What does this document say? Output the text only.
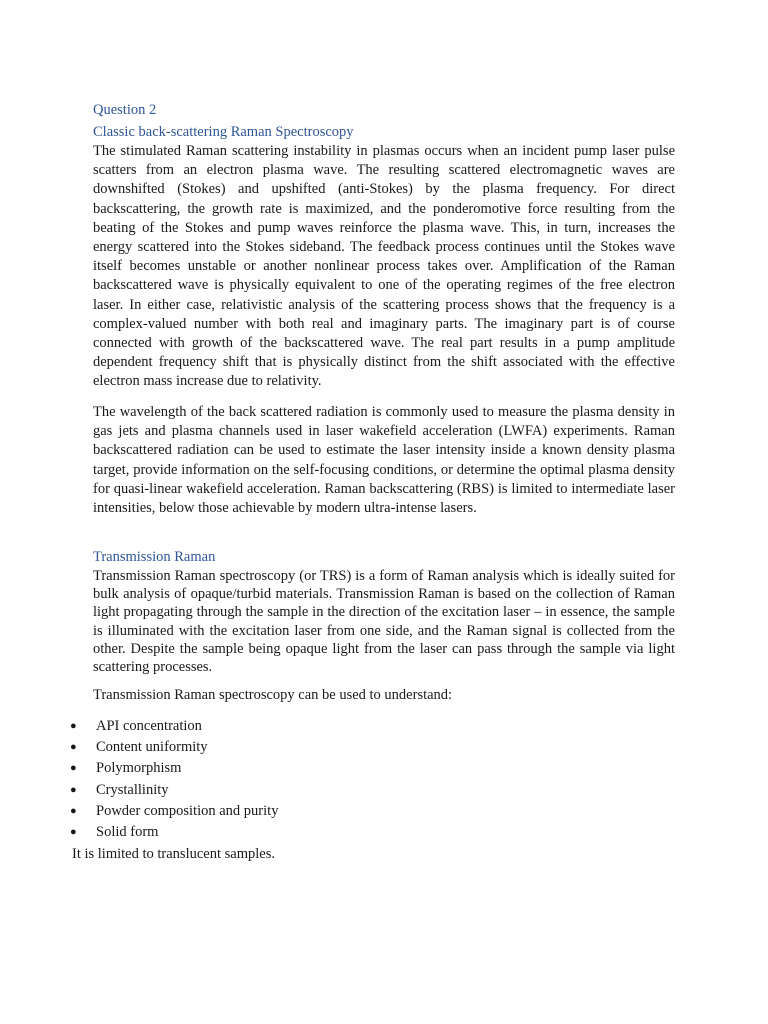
Question 2

Classic back-scattering Raman Spectroscopy

The stimulated Raman scattering instability in plasmas occurs when an incident pump laser pulse scatters from an electron plasma wave. The resulting scattered electromagnetic waves are downshifted (Stokes) and upshifted (anti-Stokes) by the plasma frequency. For direct backscattering, the growth rate is maximized, and the ponderomotive force resulting from the beating of the Stokes and pump waves reinforce the plasma wave. This, in turn, increases the energy scattered into the Stokes sideband. The feedback process continues until the Stokes wave itself becomes unstable or another nonlinear process takes over. Amplification of the Raman backscattered wave is physically equivalent to one of the operating regimes of the free electron laser. In either case, relativistic analysis of the scattering process shows that the frequency is a complex-valued number with both real and imaginary parts. The imaginary part is of course connected with growth of the backscattered wave. The real part results in a pump amplitude dependent frequency shift that is physically distinct from the shift associated with the effective electron mass increase due to relativity.

The wavelength of the back scattered radiation is commonly used to measure the plasma density in gas jets and plasma channels used in laser wakefield acceleration (LWFA) experiments. Raman backscattered radiation can be used to estimate the laser intensity inside a known density plasma target, provide information on the self-focusing conditions, or determine the optimal plasma density for quasi-linear wakefield acceleration. Raman backscattering (RBS) is limited to intermediate laser intensities, below those achievable by modern ultra-intense lasers.

Transmission Raman

Transmission Raman spectroscopy (or TRS) is a form of Raman analysis which is ideally suited for bulk analysis of opaque/turbid materials. Transmission Raman is based on the collection of Raman light propagating through the sample in the direction of the excitation laser – in essence, the sample is illuminated with the excitation laser from one side, and the Raman signal is collected from the other. Despite the sample being opaque light from the laser can pass through the sample via light scattering processes.

Transmission Raman spectroscopy can be used to understand:

● API concentration
● Content uniformity
● Polymorphism
● Crystallinity
● Powder composition and purity
● Solid form

It is limited to translucent samples.
